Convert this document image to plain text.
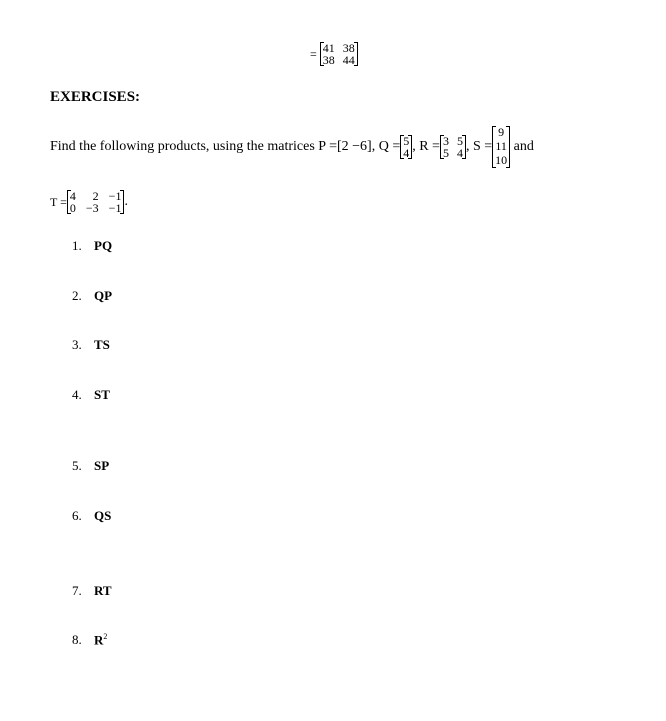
=
41 38
38 44
EXERCISES:
Find the following products, using the matrices P = [2 −6] , Q = 5
4 , R = 3 5
5 4 , S =
9
11
10

and
T = 4	2 −1
0 −3 −1 .
1. PQ
2. QP
3. TS
4. ST
5. SP
6. QS
7. RT
8. $R^2$
